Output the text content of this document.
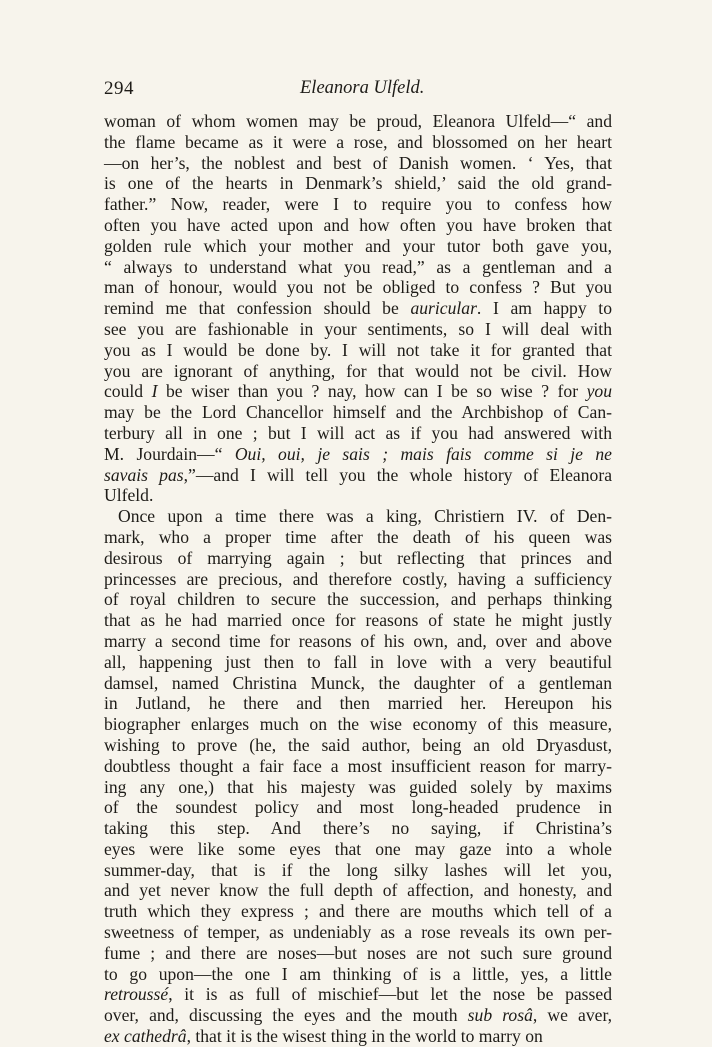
294	Eleanora Ulfeld.
woman of whom women may be proud, Eleanora Ulfeld—“ and
the flame became as it were a rose, and blossomed on her heart
—on her’s, the noblest and best of Danish women. ‘ Yes, that
is one of the hearts in Denmark’s shield,’ said the old grand-
father.” Now, reader, were I to require you to confess how
often you have acted upon and how often you have broken that
golden rule which your mother and your tutor both gave you,
“ always to understand what you read,” as a gentleman and a
man of honour, would you not be obliged to confess ? But you
remind me that confession should be auricular. I am happy to
see you are fashionable in your sentiments, so I will deal with
you as I would be done by. I will not take it for granted that
you are ignorant of anything, for that would not be civil. How
could I be wiser than you ? nay, how can I be so wise ? for you
may be the Lord Chancellor himself and the Archbishop of Can-
terbury all in one ; but I will act as if you had answered with
M. Jourdain—“ Oui, oui, je sais ; mais fais comme si je ne
savais pas,”—and I will tell you the whole history of Eleanora
Ulfeld.
Once upon a time there was a king, Christiern IV. of Den-
mark, who a proper time after the death of his queen was
desirous of marrying again ; but reflecting that princes and
princesses are precious, and therefore costly, having a sufficiency
of royal children to secure the succession, and perhaps thinking
that as he had married once for reasons of state he might justly
marry a second time for reasons of his own, and, over and above
all, happening just then to fall in love with a very beautiful
damsel, named Christina Munck, the daughter of a gentleman
in Jutland, he there and then married her. Hereupon his
biographer enlarges much on the wise economy of this measure,
wishing to prove (he, the said author, being an old Dryasdust,
doubtless thought a fair face a most insufficient reason for marry-
ing any one,) that his majesty was guided solely by maxims
of the soundest policy and most long-headed prudence in
taking this step. And there’s no saying, if Christina’s
eyes were like some eyes that one may gaze into a whole
summer-day, that is if the long silky lashes will let you,
and yet never know the full depth of affection, and honesty, and
truth which they express ; and there are mouths which tell of a
sweetness of temper, as undeniably as a rose reveals its own per-
fume ; and there are noses—but noses are not such sure ground
to go upon—the one I am thinking of is a little, yes, a little
retroussé, it is as full of mischief—but let the nose be passed
over, and, discussing the eyes and the mouth sub rosâ, we aver,
ex cathedrâ, that it is the wisest thing in the world to marry on
